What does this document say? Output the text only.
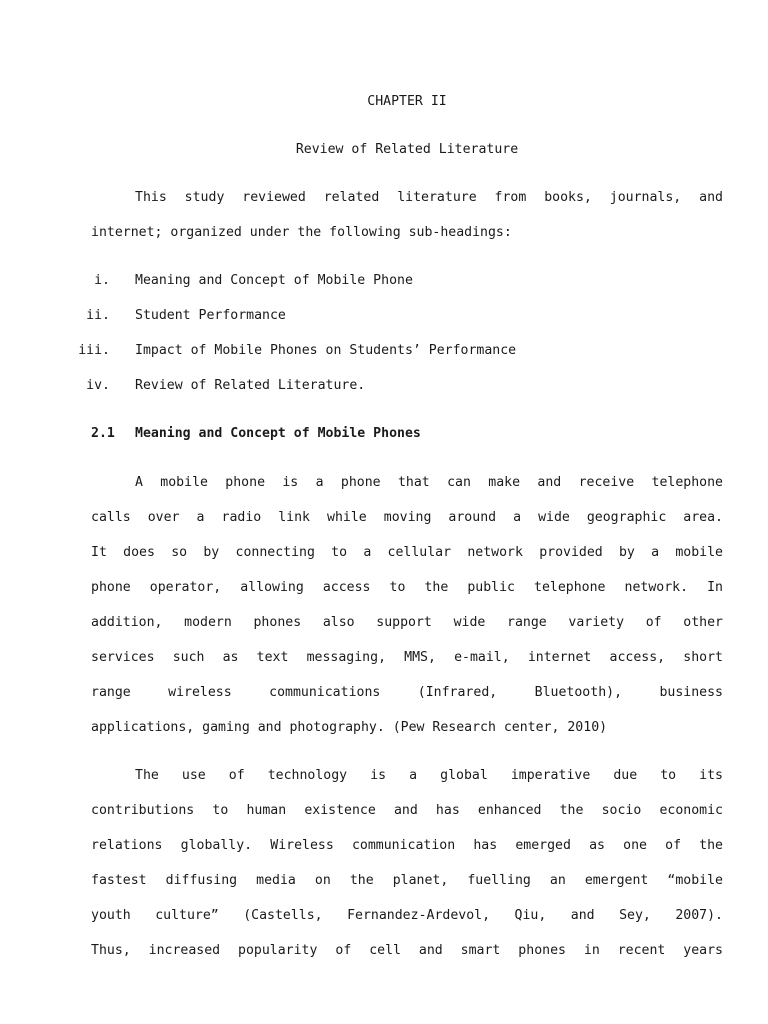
CHAPTER II
Review of Related Literature
This study reviewed related literature from books, journals, and
internet; organized under the following sub-headings:
i. Meaning and Concept of Mobile Phone
ii. Student Performance
iii. Impact of Mobile Phones on Students’ Performance
iv. Review of Related Literature.
2.1 Meaning and Concept of Mobile Phones
A mobile phone is a phone that can make and receive telephone
calls over a radio link while moving around a wide geographic area.
It does so by connecting to a cellular network provided by a mobile
phone operator, allowing access to the public telephone network. In
addition, modern phones also support wide range variety of other
services such as text messaging, MMS, e-mail, internet access, short
range wireless communications (Infrared, Bluetooth), business
applications, gaming and photography. (Pew Research center, 2010)
The use of technology is a global imperative due to its
contributions to human existence and has enhanced the socio economic
relations globally. Wireless communication has emerged as one of the
fastest diffusing media on the planet, fuelling an emergent “mobile
youth culture” (Castells, Fernandez-Ardevol, Qiu, and Sey, 2007).
Thus, increased popularity of cell and smart phones in recent years
